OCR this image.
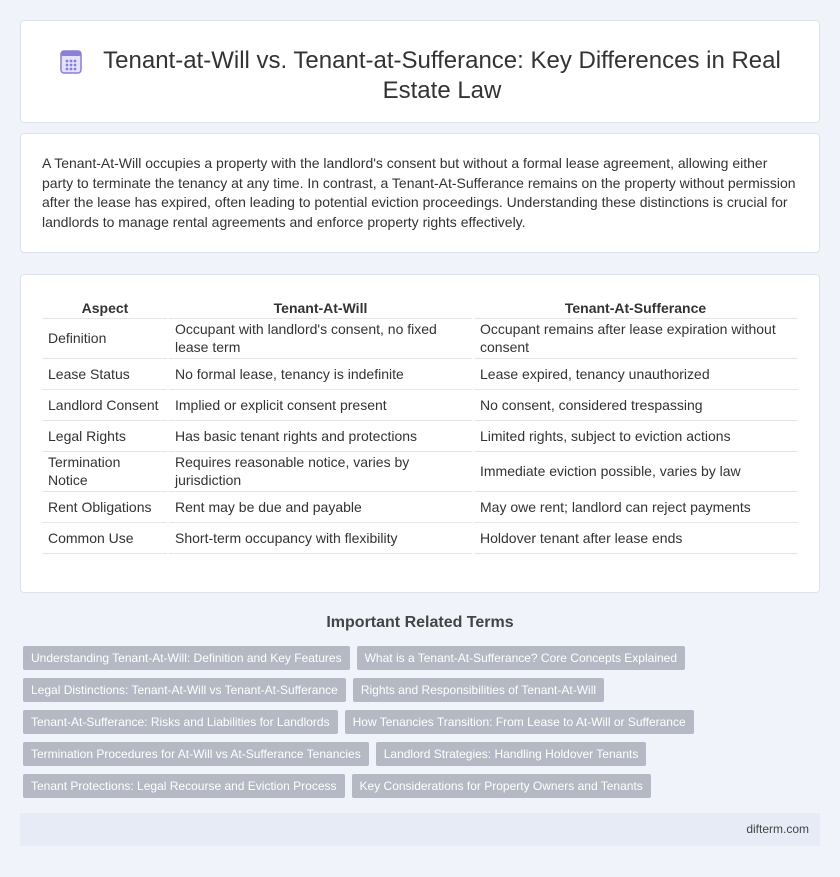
Tenant-at-Will vs. Tenant-at-Sufferance: Key Differences in Real Estate Law

A Tenant-At-Will occupies a property with the landlord's consent but without a formal lease agreement, allowing either party to terminate the tenancy at any time. In contrast, a Tenant-At-Sufferance remains on the property without permission after the lease has expired, often leading to potential eviction proceedings. Understanding these distinctions is crucial for landlords to manage rental agreements and enforce property rights effectively.

Aspect	Tenant-At-Will	Tenant-At-Sufferance
Definition	Occupant with landlord's consent, no fixed lease term	Occupant remains after lease expiration without consent
Lease Status	No formal lease, tenancy is indefinite	Lease expired, tenancy unauthorized
Landlord Consent	Implied or explicit consent present	No consent, considered trespassing
Legal Rights	Has basic tenant rights and protections	Limited rights, subject to eviction actions
Termination Notice	Requires reasonable notice, varies by jurisdiction	Immediate eviction possible, varies by law
Rent Obligations	Rent may be due and payable	May owe rent; landlord can reject payments
Common Use	Short-term occupancy with flexibility	Holdover tenant after lease ends
Important Related Terms
Understanding Tenant-At-Will: Definition and Key Features	What is a Tenant-At-Sufferance? Core Concepts Explained
Legal Distinctions: Tenant-At-Will vs Tenant-At-Sufferance	Rights and Responsibilities of Tenant-At-Will
Tenant-At-Sufferance: Risks and Liabilities for Landlords	How Tenancies Transition: From Lease to At-Will or Sufferance
Termination Procedures for At-Will vs At-Sufferance Tenancies	Landlord Strategies: Handling Holdover Tenants
Tenant Protections: Legal Recourse and Eviction Process	Key Considerations for Property Owners and Tenants
difterm.com
